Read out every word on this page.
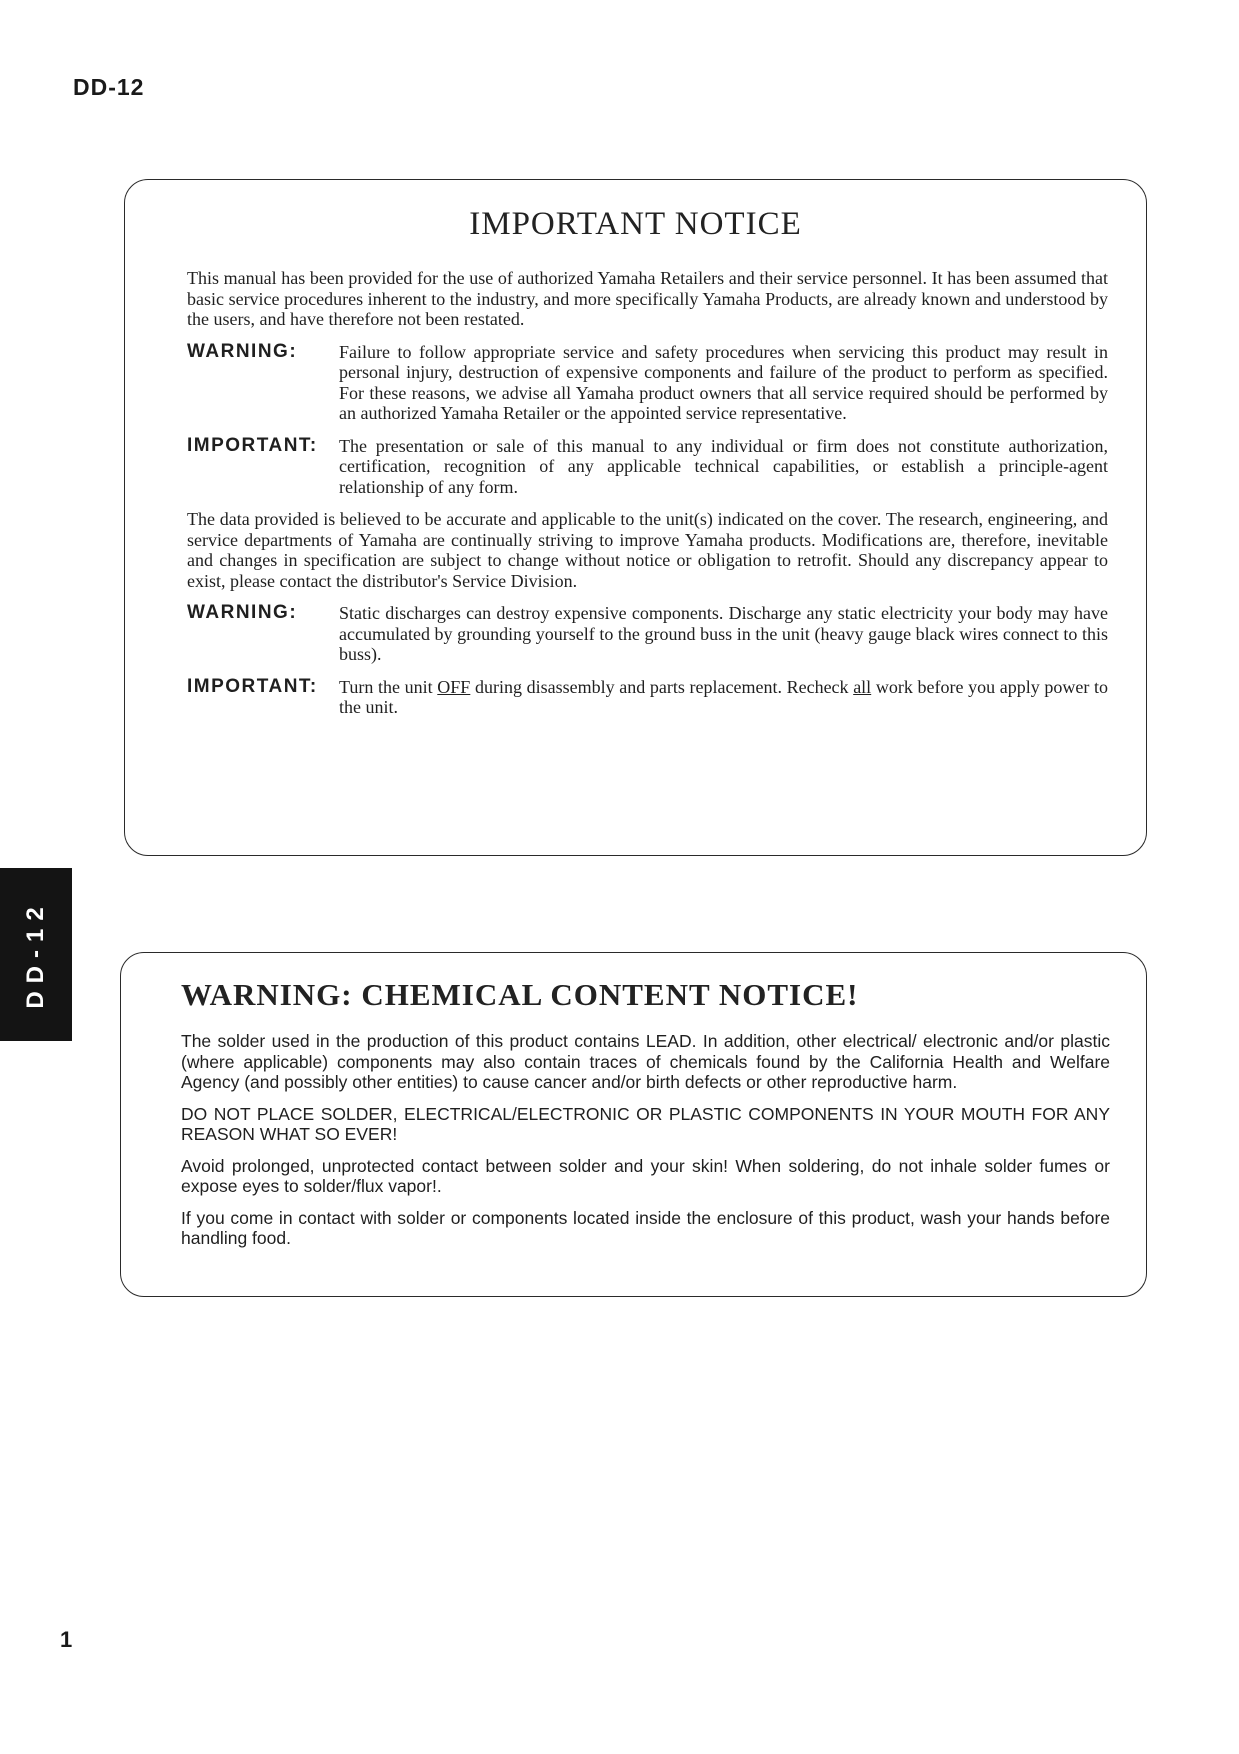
DD-12
DD-12
IMPORTANT NOTICE

This manual has been provided for the use of authorized Yamaha Retailers and their service personnel. It has been assumed that basic service procedures inherent to the industry, and more specifically Yamaha Products, are already known and understood by the users, and have therefore not been restated.

WARNING:	Failure to follow appropriate service and safety procedures when servicing this product may result in personal injury, destruction of expensive components and failure of the product to perform as specified. For these reasons, we advise all Yamaha product owners that all service required should be performed by an authorized Yamaha Retailer or the appointed service representative.
IMPORTANT:	The presentation or sale of this manual to any individual or firm does not constitute authorization, certification, recognition of any applicable technical capabilities, or establish a principle-agent relationship of any form.

The data provided is believed to be accurate and applicable to the unit(s) indicated on the cover. The research, engineering, and service departments of Yamaha are continually striving to improve Yamaha products. Modifications are, therefore, inevitable and changes in specification are subject to change without notice or obligation to retrofit. Should any discrepancy appear to exist, please contact the distributor's Service Division.

WARNING:	Static discharges can destroy expensive components. Discharge any static electricity your body may have accumulated by grounding yourself to the ground buss in the unit (heavy gauge black wires connect to this buss).
IMPORTANT:	Turn the unit OFF during disassembly and parts replacement. Recheck all work before you apply power to the unit.
WARNING: CHEMICAL CONTENT NOTICE!

The solder used in the production of this product contains LEAD. In addition, other electrical/ electronic and/or plastic (where applicable) components may also contain traces of chemicals found by the California Health and Welfare Agency (and possibly other entities) to cause cancer and/or birth defects or other reproductive harm.

DO NOT PLACE SOLDER, ELECTRICAL/ELECTRONIC OR PLASTIC COMPONENTS IN YOUR MOUTH FOR ANY REASON WHAT SO EVER!

Avoid prolonged, unprotected contact between solder and your skin! When soldering, do not inhale solder fumes or expose eyes to solder/flux vapor!.

If you come in contact with solder or components located inside the enclosure of this product, wash your hands before handling food.

1
